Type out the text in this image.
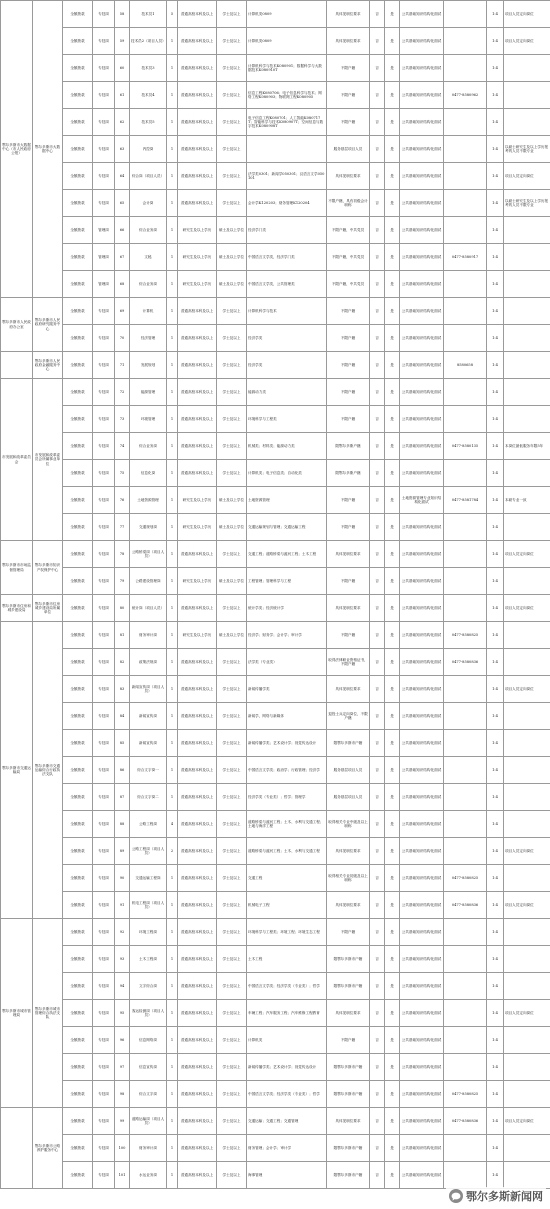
鄂尔多斯市大数据中心（市人民政府公报）	鄂尔多斯市大数据中心	全额拨款	专技岗	58	技术员1	5	普通高校本科及以上	学士及以上	计算机类0809	具体见职位要求	否	是	公共基础知识结构化面试		1:4	项目人员定向岗位
		全额拨款	专技岗	59	技术员2（项目人员）	1	普通高校本科及以上	学士及以上	计算机类0809	具体见职位要求	否	是	公共基础知识结构化面试		1:4	项目人员定向岗位
		全额拨款	专技岗	60	技术员3	1	普通高校本科及以上	学士及以上	计算机科学与技术K080901；数据科学与大数据技术K080910T	不限户籍	否	是	公共基础知识结构化面试		1:4	
		全额拨款	专技岗	61	技术员4	1	普通高校本科及以上	学士及以上	信息工程K080706；电子信息科学与技术；网络工程K080903；物联网工程K080905	不限户籍	否	是	公共基础知识结构化面试	0477-8580962	1:4	
		全额拨款	专技岗	62	技术员5	1	普通高校本科及以上	学士及以上	电子信息工程K080701；人工智能K080717T；智能科学与技术K080907T；空间信息与数字技术K080908T	不限户籍	否	是	公共基础知识结构化面试		1:4	
		全额拨款	专技岗	63	内控岗	1	普通高校本科及以上	学士及以上		服务基层项目人员	否	是	公共基础知识结构化面试		1:4	以硕士研究生及以上学历报考的人员不限专业
		全额拨款	专技岗	64	综合岗（项目人员）	1	普通高校本科及以上	学士及以上	法学类0301；新闻学050301；汉语言文学050101	具体见职位要求	否	是	公共基础知识结构化面试		1:4	项目人员定向岗位
		全额拨款	专技岗	65	会计岗	1	普通高校本科及以上	学士及以上	会计学K120203；财务管理K120204	不限户籍，具有初级会计职称	否	是	公共基础知识结构化面试		1:4	以硕士研究生及以上学历报考的人员不限专业
		全额拨款	管理岗	66	综合业务岗	1	研究生及以上学历	硕士及以上学位	经济学门类	不限户籍，中共党员	否	是	公共基础知识结构化面试		1:4	
		全额拨款	管理岗	67	文秘	1	研究生及以上学历	硕士及以上学位	中国语言文学类，经济学门类	不限户籍，中共党员	否	是	公共基础知识结构化面试	0477-8580917	1:4	
		全额拨款	管理岗	68	综合业务岗	1	研究生及以上学历	硕士及以上学位	中国语言文学类，公共管理类	不限户籍，中共党员	否	是	公共基础知识结构化面试		1:4	
鄂尔多斯市人民政府办公室	鄂尔多斯市人民政府研究服务中心	全额拨款	专技岗	69	计算机	1	普通高校本科及以上	学士及以上	计算机科学与技术	不限户籍	否	是	公共基础知识结构化面试		1:4	
		全额拨款	专技岗	70	经济管理	1	普通高校本科及以上	学士及以上	经济学类	不限户籍	否	是	公共基础知识结构化面试		1:4	
	鄂尔多斯市人民政府金融服务中心	全额拨款	专技岗	71	发展规划	1	普通高校本科及以上	学士及以上	经济学类	不限户籍	否	是	公共基础知识结构化面试	8580658	1:4	
市发展和改革委员会	市发展和改革委员会所属事业单位	全额拨款	专技岗	72	能源管理	1	普通高校本科及以上	学士及以上	能源动力类	不限户籍	否	是	公共基础知识结构化面试		1:4	
		全额拨款	专技岗	73	环境管理	1	普通高校本科及以上	学士及以上	环境科学与工程类	不限户籍	否	是	公共基础知识结构化面试		1:4	
		全额拨款	专技岗	74	综合业务岗	1	普通高校本科及以上	学士及以上	机械类；材料类；能源动力类	限鄂尔多斯户籍	否	是	公共基础知识结构化面试	0477-8580135	1:4	本岗位最低服务年限5年
		全额拨款	专技岗	75	信息化岗	1	普通高校本科及以上	学士及以上	计算机类；电子信息类；自动化类	限鄂尔多斯户籍	否	是	公共基础知识结构化面试		1:4	
		全额拨款	专技岗	76	土地资源管理	1	研究生及以上学历	硕士及以上学位	土地资源管理	不限户籍	否	是	土地资源管理专业知识结构化面试	0477-8581784	1:4	本硕专业一致
		全额拨款	专技岗	77	交通规划岗	1	研究生及以上学历	硕士及以上学位	交通运输规划与管理；交通运输工程	不限户籍	否	是	公共基础知识结构化面试		1:4	
鄂尔多斯市市场监督管理局	鄂尔多斯市知识产权保护中心	全额拨款	专技岗	78	公路桥梁岗（项目人员）	1	普通高校本科及以上	学士及以上	交通工程；道路桥梁与渡河工程；土木工程	具体见职位要求	否	是	公共基础知识结构化面试		1:4	项目人员定向岗位
		全额拨款	专技岗	79	公路建设管理岗	1	研究生及以上学历	硕士及以上学位	工程管理；管理科学与工程	不限户籍	否	是	公共基础知识结构化面试		1:4	
鄂尔多斯市住房和城乡建设局	鄂尔多斯市住房城乡建设局所属单位	全额拨款	专技岗	80	统计岗（项目人员）	1	普通高校本科及以上	学士及以上	统计学类；经济统计学	具体见职位要求	否	是	公共基础知识结构化面试		1:4	项目人员定向岗位
鄂尔多斯市交通运输局	鄂尔多斯市交通运输综合行政执法支队	全额拨款	专技岗	81	财务审计岗	1	研究生及以上学历	硕士及以上学位	经济学；财务学；会计学；审计学	不限户籍	否	是	公共基础知识结构化面试	0477-8580825	1:4	
		全额拨款	专技岗	82	政策法规岗	1	普通高校本科及以上	学士及以上	法学类（专业类）	取得法律职业资格证书，不限户籍	否	是	公共基础知识结构化面试	0477-8580836	1:4	
		全额拨款	专技岗	83	新闻宣传岗（项目人员）	1	普通高校本科及以上	学士及以上	新闻传播学类	具体见职位要求	否	是	公共基础知识结构化面试		1:4	项目人员定向岗位
		全额拨款	专技岗	84	新闻宣传岗	1	普通高校本科及以上	学士及以上	新闻学，网络与新媒体	退役士兵定向岗位，不限户籍	否	是	公共基础知识结构化面试		1:4	
		全额拨款	专技岗	85	新闻宣传岗	1	普通高校本科及以上	学士及以上	新闻传播学类；艺术设计学；视觉传达设计	限鄂尔多斯市户籍	否	是	公共基础知识结构化面试		1:4	
		全额拨款	专技岗	86	综合文字岗一	1	普通高校本科及以上	学士及以上	中国语言文学类；政治学；行政管理；经济学	服务基层项目人员	否	是	公共基础知识结构化面试		1:4	
		全额拨款	专技岗	87	综合文字岗二	1	普通高校本科及以上	学士及以上	经济学类（专业类）；哲学；管理学	服务基层项目人员	否	是	公共基础知识结构化面试		1:4	
		全额拨款	专技岗	88	公路工程岗	4	普通高校本科及以上	学士及以上	道路桥梁与渡河工程；土木、水利与交通工程；土地与海洋工程	取得相关专业中级及以上职称	否	是	公共基础知识结构化面试		1:4	
		全额拨款	专技岗	89	公路工程岗（项目人员）	2	普通高校本科及以上	学士及以上	道路桥梁与渡河工程；土木、水利与交通工程	具体见职位要求	否	是	公共基础知识结构化面试		1:4	项目人员定向岗位
		全额拨款	专技岗	90	交通运输工程岗	1	普通高校本科及以上	学士及以上	交通工程	取得相关专业初级及以上职称	否	是	公共基础知识结构化面试	0477-8580825	1:4	
		全额拨款	专技岗	91	机电工程岗（项目人员）	1	普通高校本科及以上	学士及以上	机械电子工程	具体见职位要求	否	是	公共基础知识结构化面试	0477-8580836	1:4	项目人员定向岗位
鄂尔多斯市城市管理局	鄂尔多斯市城市管理综合执法支队	全额拨款	专技岗	92	环境工程岗	1	普通高校本科及以上	学士及以上	环境科学与工程类；环境工程；环境生态工程	不限户籍	否	是	公共基础知识结构化面试		1:4	
		全额拨款	专技岗	93	土木工程岗	1	普通高校本科及以上	学士及以上	土木工程	限鄂尔多斯市户籍	否	是	公共基础知识结构化面试		1:4	
		全额拨款	专技岗	94	文字综合岗	1	普通高校本科及以上	学士及以上	中国语言文学类；经济学类（专业类）；哲学	限鄂尔多斯市户籍	否	是	公共基础知识结构化面试		1:4	
		全额拨款	专技岗	95	客运检测岗（项目人员）	1	普通高校本科及以上	学士及以上	车辆工程；汽车服务工程；汽车维修工程教育	具体见职位要求	否	是	公共基础知识结构化面试		1:4	项目人员定向岗位
		全额拨款	专技岗	96	信息网络岗	1	普通高校本科及以上	学士及以上	计算机类	不限户籍	否	是	公共基础知识结构化面试		1:4	
		全额拨款	专技岗	97	信息宣传岗	1	普通高校本科及以上	学士及以上	新闻传播学类；艺术设计学；视觉传达设计	限鄂尔多斯市户籍	否	是	公共基础知识结构化面试		1:4	
		全额拨款	专技岗	98	综合文字岗	1	普通高校本科及以上	学士及以上	中国语言文学类；经济学类（专业类）；哲学	限鄂尔多斯市户籍	否	是	公共基础知识结构化面试	0477-8580825	1:4	
	鄂尔多斯市公路养护服务中心	全额拨款	专技岗	99	道路运输岗（项目人员）	1	普通高校本科及以上	学士及以上	交通运输；交通工程；交通管理	具体见职位要求	否	是	公共基础知识结构化面试	0477-8580836	1:4	项目人员定向岗位
		全额拨款	专技岗	100	财务审计岗	1	普通高校本科及以上	学士及以上	财务管理；会计学；审计学	限鄂尔多斯市户籍	否	是	公共基础知识结构化面试		1:4	
		全额拨款	专技岗	101	水运业务岗	1	普通高校本科及以上	学士及以上	海事管理	限鄂尔多斯市户籍	否	是	公共基础知识结构化面试		1:4	
鄂尔多斯新闻网
